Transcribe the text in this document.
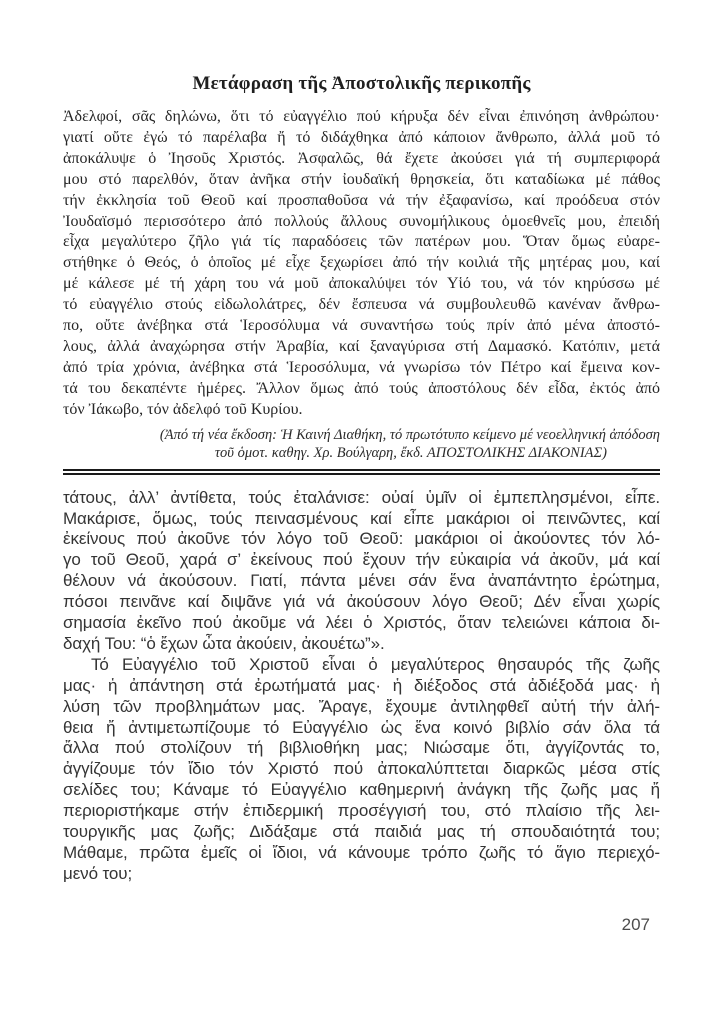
Μετάφραση τῆς Ἀποστολικῆς περικοπῆς
Ἀδελφοί, σᾶς δηλώνω, ὅτι τό εὐαγγέλιο πού κήρυξα δέν εἶναι ἐπινόηση ἀνθρώπου·
γιατί οὔτε ἐγώ τό παρέλαβα ἤ τό διδάχθηκα ἀπό κάποιον ἄνθρωπο, ἀλλά μοῦ τό
ἀποκάλυψε ὁ Ἰησοῦς Χριστός. Ἀσφαλῶς, θά ἔχετε ἀκούσει γιά τή συμπεριφορά
μου στό παρελθόν, ὅταν ἀνῆκα στήν ἰουδαϊκή θρησκεία, ὅτι καταδίωκα μέ πάθος
τήν ἐκκλησία τοῦ Θεοῦ καί προσπαθοῦσα νά τήν ἐξαφανίσω, καί προόδευα στόν
Ἰουδαϊσμό περισσότερο ἀπό πολλούς ἄλλους συνομήλικους ὁμοεθνεῖς μου, ἐπειδή
εἶχα μεγαλύτερο ζῆλο γιά τίς παραδόσεις τῶν πατέρων μου. Ὅταν ὅμως εὐαρε-
στήθηκε ὁ Θεός, ὁ ὁποῖος μέ εἶχε ξεχωρίσει ἀπό τήν κοιλιά τῆς μητέρας μου, καί
μέ κάλεσε μέ τή χάρη του νά μοῦ ἀποκαλύψει τόν Υἱό του, νά τόν κηρύσσω μέ
τό εὐαγγέλιο στούς εἰδωλολάτρες, δέν ἔσπευσα νά συμβουλευθῶ κανέναν ἄνθρω-
πο, οὔτε ἀνέβηκα στά Ἱεροσόλυμα νά συναντήσω τούς πρίν ἀπό μένα ἀποστό-
λους, ἀλλά ἀναχώρησα στήν Ἀραβία, καί ξαναγύρισα στή Δαμασκό. Κατόπιν, μετά
ἀπό τρία χρόνια, ἀνέβηκα στά Ἱεροσόλυμα, νά γνωρίσω τόν Πέτρο καί ἔμεινα κον-
τά του δεκαπέντε ἡμέρες. Ἄλλον ὅμως ἀπό τούς ἀποστόλους δέν εἶδα, ἐκτός ἀπό
τόν Ἰάκωβο, τόν ἀδελφό τοῦ Κυρίου.
(Ἀπό τή νέα ἔκδοση: Ἡ Καινή Διαθήκη, τό πρωτότυπο κείμενο μέ νεοελληνική ἀπόδοση
τοῦ ὁμοτ. καθηγ. Χρ. Βούλγαρη, ἔκδ. ΑΠΟΣΤΟΛΙΚΗΣ ΔΙΑΚΟΝΙΑΣ)
τάτους, ἀλλ’ ἀντίθετα, τούς ἐταλάνισε: οὐαί ὑμῖν οἱ ἐμπεπλησμένοι, εἶπε.
Μακάρισε, ὅμως, τούς πεινασμένους καί εἶπε μακάριοι οἱ πεινῶντες, καί
ἐκείνους πού ἀκοῦνε τόν λόγο τοῦ Θεοῦ: μακάριοι οἱ ἀκούοντες τόν λό-
γο τοῦ Θεοῦ, χαρά σ’ ἐκείνους πού ἔχουν τήν εὐκαιρία νά ἀκοῦν, μά καί
θέλουν νά ἀκούσουν. Γιατί, πάντα μένει σάν ἕνα ἀναπάντητο ἐρώτημα,
πόσοι πεινᾶνε καί διψᾶνε γιά νά ἀκούσουν λόγο Θεοῦ; Δέν εἶναι χωρίς
σημασία ἐκεῖνο πού ἀκοῦμε νά λέει ὁ Χριστός, ὅταν τελειώνει κάποια δι-
δαχή Του: “ὁ ἔχων ὦτα ἀκούειν, ἀκουέτω”».
Τό Εὐαγγέλιο τοῦ Χριστοῦ εἶναι ὁ μεγαλύτερος θησαυρός τῆς ζωῆς
μας· ἡ ἀπάντηση στά ἐρωτήματά μας· ἡ διέξοδος στά ἀδιέξοδά μας· ἡ
λύση τῶν προβλημάτων μας. Ἄραγε, ἔχουμε ἀντιληφθεῖ αὐτή τήν ἀλή-
θεια ἤ ἀντιμετωπίζουμε τό Εὐαγγέλιο ὡς ἕνα κοινό βιβλίο σάν ὅλα τά
ἄλλα πού στολίζουν τή βιβλιοθήκη μας; Νιώσαμε ὅτι, ἀγγίζοντάς το,
ἀγγίζουμε τόν ἴδιο τόν Χριστό πού ἀποκαλύπτεται διαρκῶς μέσα στίς
σελίδες του; Κάναμε τό Εὐαγγέλιο καθημερινή ἀνάγκη τῆς ζωῆς μας ἤ
περιοριστήκαμε στήν ἐπιδερμική προσέγγισή του, στό πλαίσιο τῆς λει-
τουργικῆς μας ζωῆς; Διδάξαμε στά παιδιά μας τή σπουδαιότητά του;
Μάθαμε, πρῶτα ἐμεῖς οἱ ἴδιοι, νά κάνουμε τρόπο ζωῆς τό ἅγιο περιεχό-
μενό του;
207
